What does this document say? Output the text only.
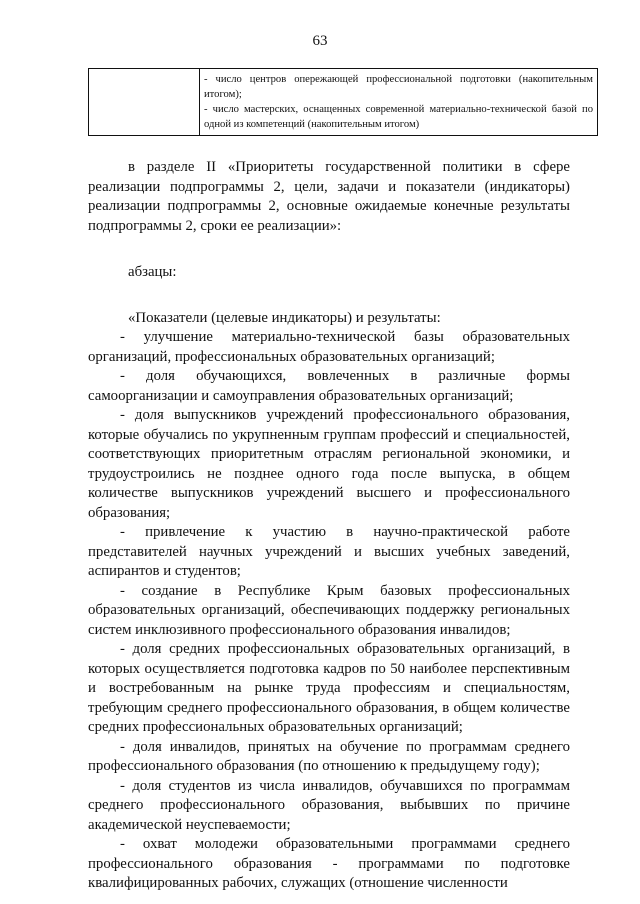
63

- число центров опережающей профессиональной подготовки (накопительным итогом);
- число мастерских, оснащенных современной материально-технической базой по одной из компетенций (накопительным итогом)

в разделе II «Приоритеты государственной политики в сфере реализации подпрограммы 2, цели, задачи и показатели (индикаторы) реализации подпрограммы 2, основные ожидаемые конечные результаты подпрограммы 2, сроки ее реализации»:

абзацы:

«Показатели (целевые индикаторы) и результаты:

- улучшение материально-технической базы образовательных организаций, профессиональных образовательных организаций;
- доля обучающихся, вовлеченных в различные формы самоорганизации и самоуправления образовательных организаций;
- доля выпускников учреждений профессионального образования, которые обучались по укрупненным группам профессий и специальностей, соответствующих приоритетным отраслям региональной экономики, и трудоустроились не позднее одного года после выпуска, в общем количестве выпускников учреждений высшего и профессионального образования;
- привлечение к участию в научно-практической работе представителей научных учреждений и высших учебных заведений, аспирантов и студентов;
- создание в Республике Крым базовых профессиональных образовательных организаций, обеспечивающих поддержку региональных систем инклюзивного профессионального образования инвалидов;
- доля средних профессиональных образовательных организаций, в которых осуществляется подготовка кадров по 50 наиболее перспективным и востребованным на рынке труда профессиям и специальностям, требующим среднего профессионального образования, в общем количестве средних профессиональных образовательных организаций;
- доля инвалидов, принятых на обучение по программам среднего профессионального образования (по отношению к предыдущему году);
- доля студентов из числа инвалидов, обучавшихся по программам среднего профессионального образования, выбывших по причине академической неуспеваемости;
- охват молодежи образовательными программами среднего профессионального образования - программами по подготовке квалифицированных рабочих, служащих (отношение численности
